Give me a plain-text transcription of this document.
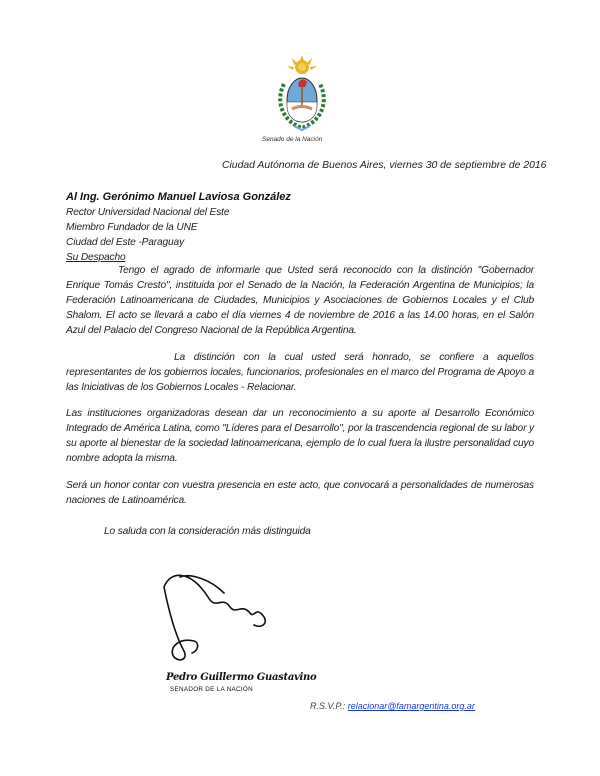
Senado de la Nación
Ciudad Autónoma de Buenos Aires, viernes 30 de septiembre de 2016
Al Ing. Gerónimo Manuel Laviosa González
Rector Universidad Nacional del Este
Miembro Fundador de la UNE
Ciudad del Este -Paraguay
Su Despacho
Tengo el agrado de informarle que Usted será reconocido con la distinción "Gobernador Enrique Tomás Cresto", instituida por el Senado de la Nación, la Federación Argentina de Municipios; la Federación Latinoamericana de Ciudades, Municipios y Asociaciones de Gobiernos Locales y el Club Shalom. El acto se llevará a cabo el día viernes 4 de noviembre de 2016 a las 14.00 horas, en el Salón Azul del Palacio del Congreso Nacional de la República Argentina.
La distinción con la cual usted será honrado, se confiere a aquellos representantes de los gobiernos locales, funcionarios, profesionales en el marco del Programa de Apoyo a las Iniciativas de los Gobiernos Locales - Relacionar.
Las instituciones organizadoras desean dar un reconocimiento a su aporte al Desarrollo Económico Integrado de América Latina, como "Líderes para el Desarrollo", por la trascendencia regional de su labor y su aporte al bienestar de la sociedad latinoamericana, ejemplo de lo cual fuera la ilustre personalidad cuyo nombre adopta la misma.
Será un honor contar con vuestra presencia en este acto, que convocará a personalidades de numerosas naciones de Latinoamérica.
Lo saluda con la consideración más distinguida
Pedro Guillermo Guastavino
SENADOR DE LA NACIÓN
R.S.V.P.: relacionar@famargentina.org.ar
